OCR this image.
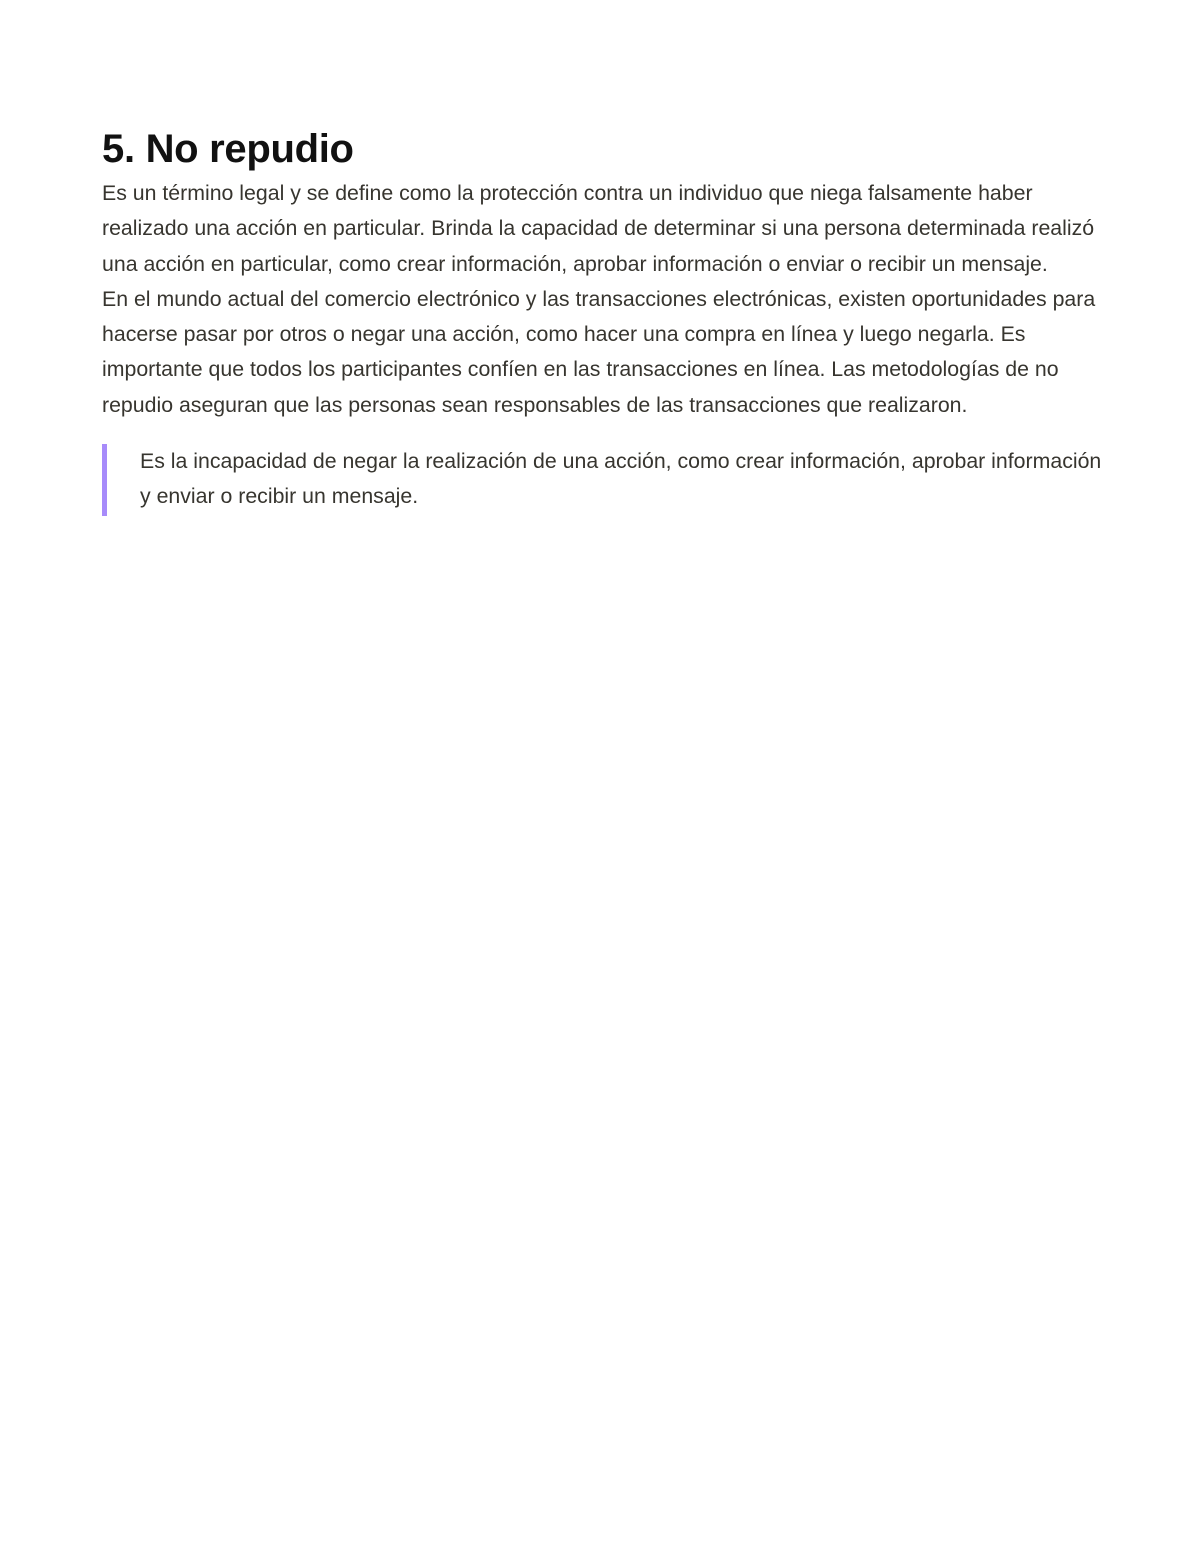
5. No repudio

Es un término legal y se define como la protección contra un individuo que niega falsamente haber realizado una acción en particular. Brinda la capacidad de determinar si una persona determinada realizó una acción en particular, como crear información, aprobar información o enviar o recibir un mensaje.

En el mundo actual del comercio electrónico y las transacciones electrónicas, existen oportunidades para hacerse pasar por otros o negar una acción, como hacer una compra en línea y luego negarla. Es importante que todos los participantes confíen en las transacciones en línea. Las metodologías de no repudio aseguran que las personas sean responsables de las transacciones que realizaron.

Es la incapacidad de negar la realización de una acción, como crear información, aprobar información y enviar o recibir un mensaje.
